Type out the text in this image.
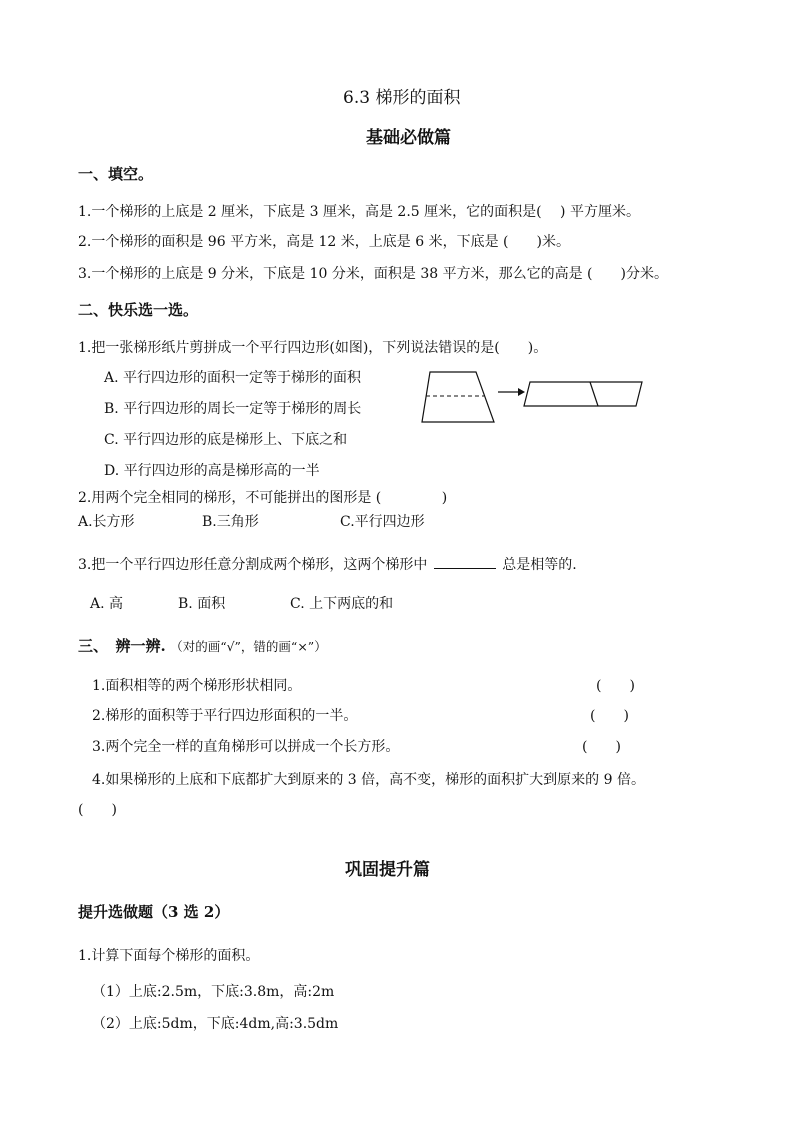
6.3 梯形的面积
基础必做篇
一、填空。
1.一个梯形的上底是 2 厘米，下底是 3 厘米，高是 2.5 厘米，它的面积是(　 ) 平方厘米。
2.一个梯形的面积是 96 平方米，高是 12 米，上底是 6 米，下底是 (　　)米。
3.一个梯形的上底是 9 分米，下底是 10 分米，面积是 38 平方米，那么它的高是 (　　)分米。
二、快乐选一选。
1.把一张梯形纸片剪拼成一个平行四边形(如图)，下列说法错误的是(　　)。
A. 平行四边形的面积一定等于梯形的面积
B. 平行四边形的周长一定等于梯形的周长
C. 平行四边形的底是梯形上、下底之和
D. 平行四边形的高是梯形高的一半
2.用两个完全相同的梯形，不可能拼出的图形是 (　　　　 )
A.长方形	B.三角形	C.平行四边形
3.把一个平行四边形任意分割成两个梯形，这两个梯形中	总是相等的.
A. 高	B. 面积	C. 上下两底的和
三、　辨一辨. （对的画“√”，错的画“×”）
1.面积相等的两个梯形形状相同。	(　　)
2.梯形的面积等于平行四边形面积的一半。	(　　)
3.两个完全一样的直角梯形可以拼成一个长方形。	(　　)
4.如果梯形的上底和下底都扩大到原来的 3 倍，高不变，梯形的面积扩大到原来的 9 倍。
(　　)
巩固提升篇
提升选做题（3 选 2）
1.计算下面每个梯形的面积。
（1）上底:2.5m，下底:3.8m，高:2m
（2）上底:5dm，下底:4dm,高:3.5dm
